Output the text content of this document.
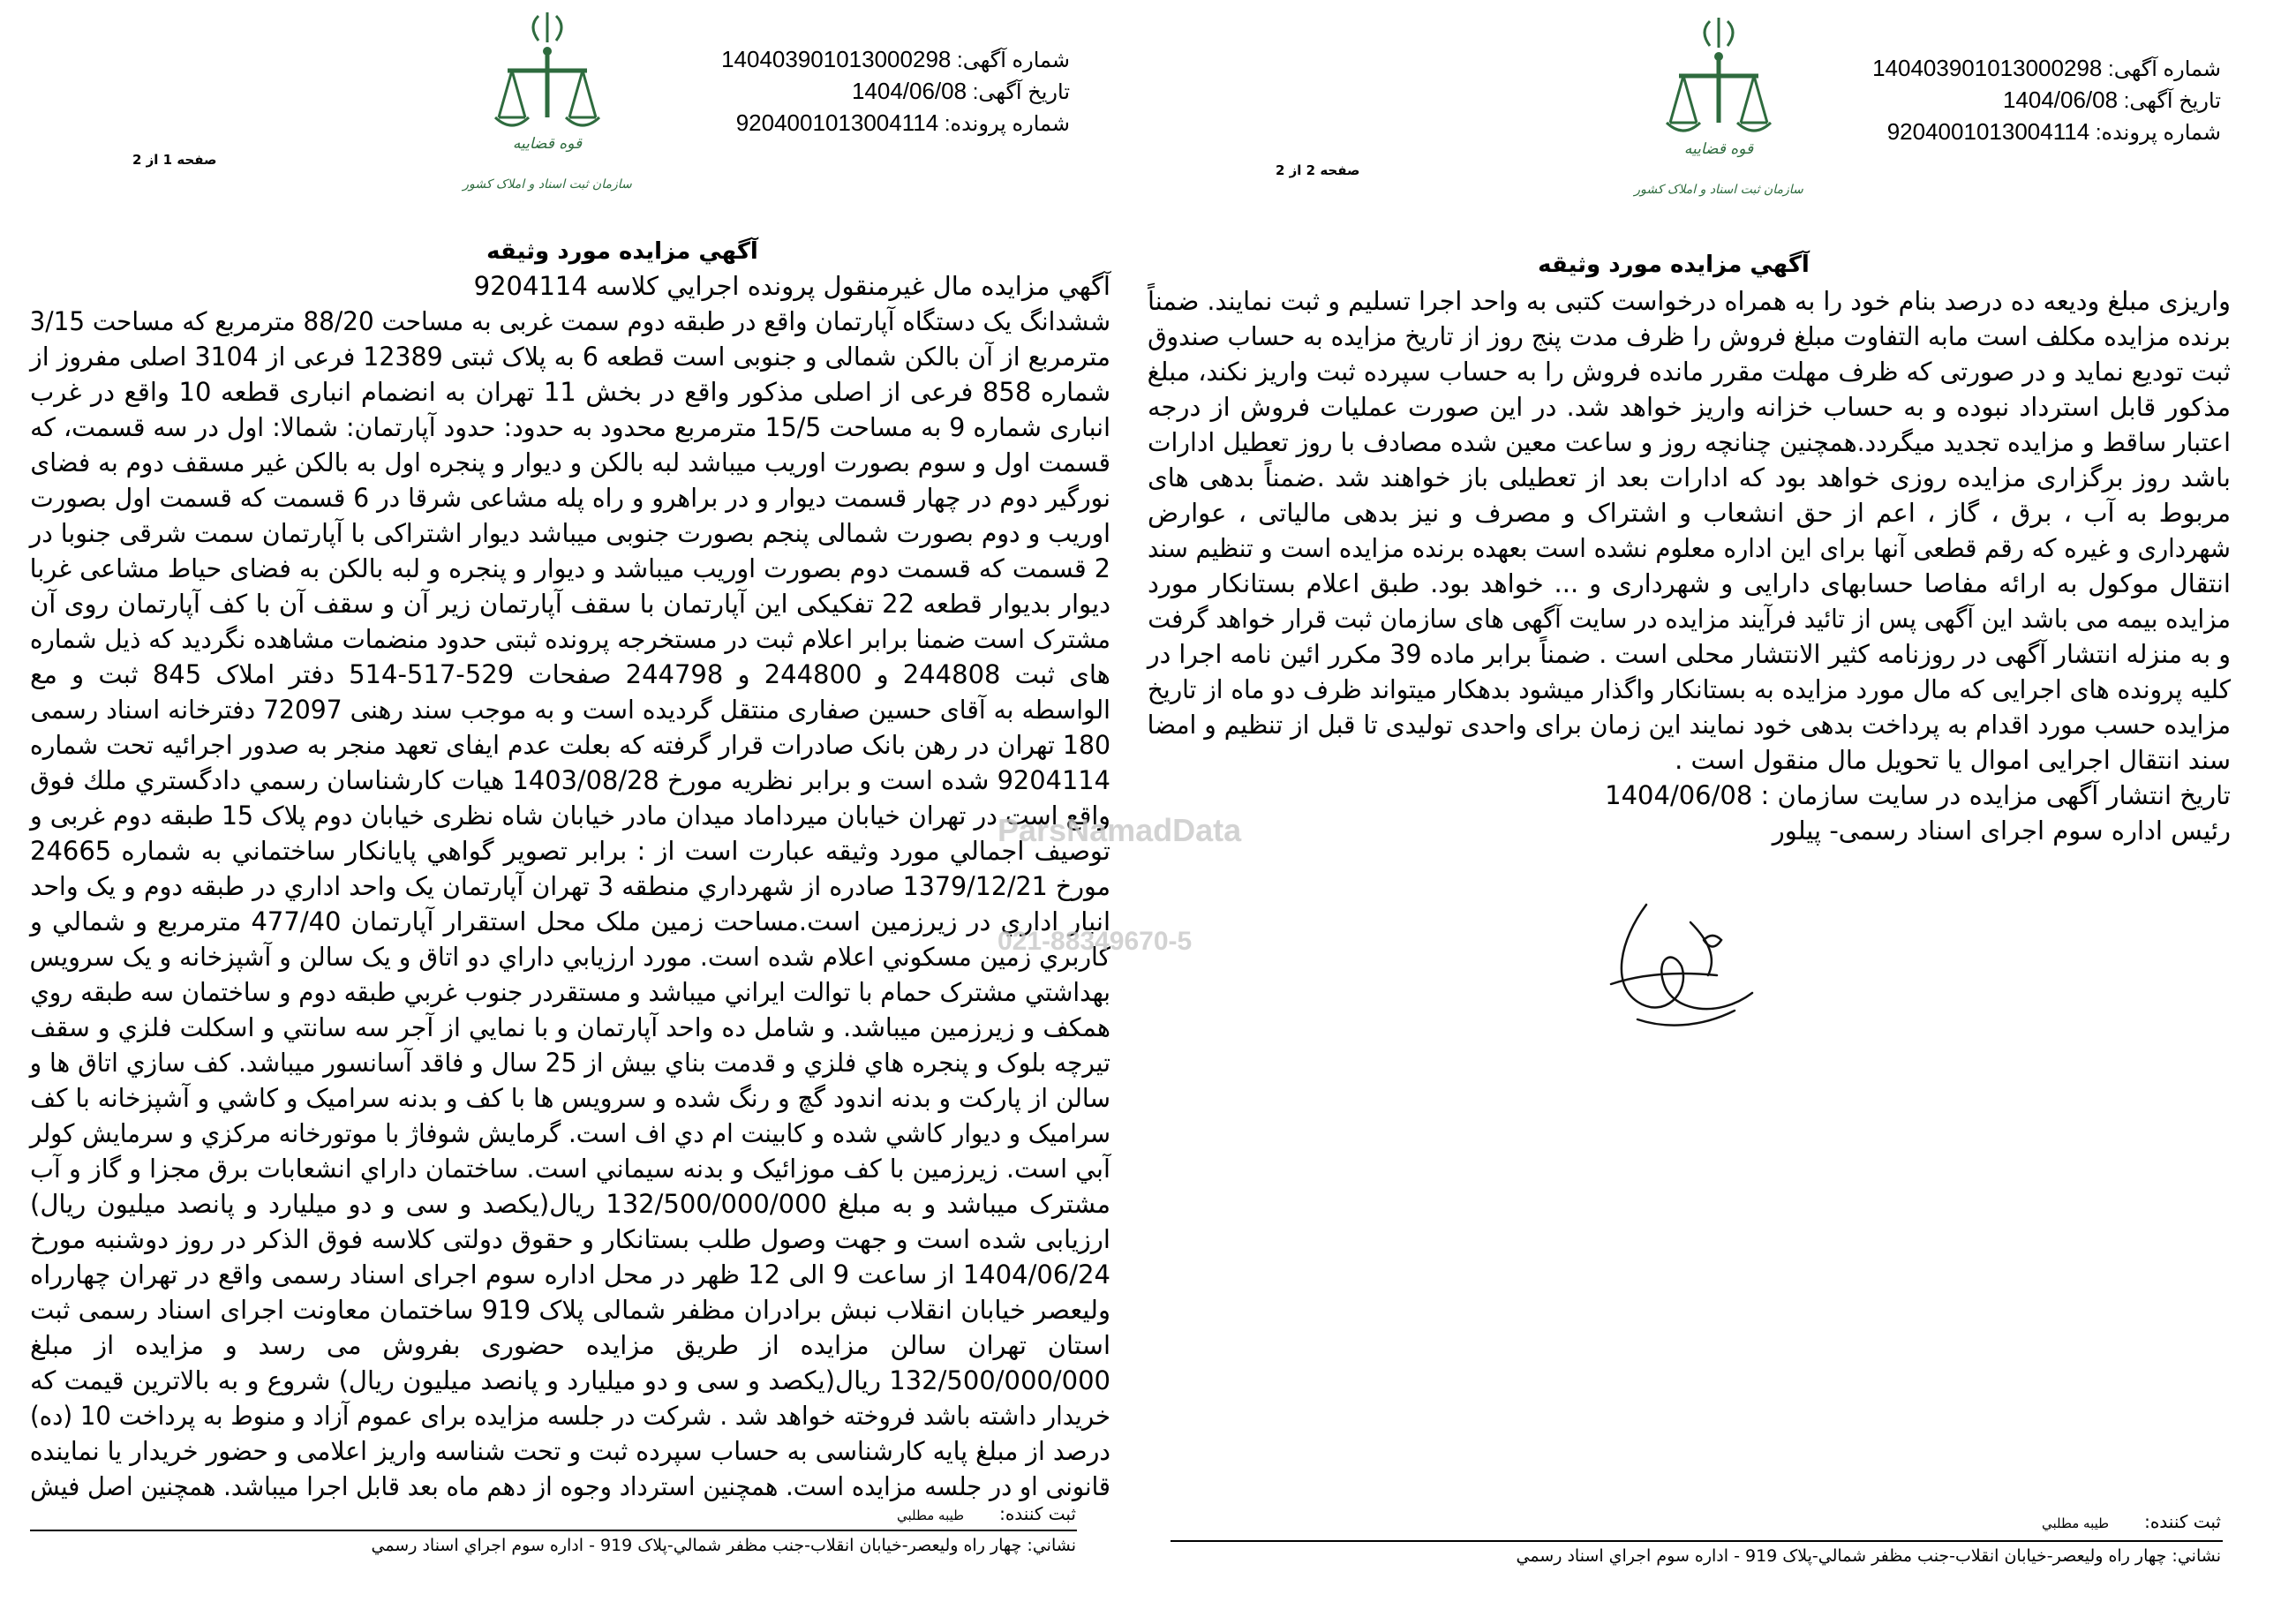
صفحه 1 از 2
قوه قضاییه
سازمان ثبت اسناد و املاک کشور
شماره آگهی: 140403901013000298
تاریخ آگهی: 1404/06/08
شماره پرونده: 9204001013004114
آگهي مزايده مورد وثيقه
آگهي مزايده مال غيرمنقول پرونده اجرايي کلاسه 9204114
ششدانگ یک دستگاه آپارتمان واقع در طبقه دوم سمت غربی به مساحت 88/20 مترمربع که مساحت 3/15
مترمربع از آن بالکن شمالی و جنوبی است قطعه 6 به پلاک ثبتی 12389 فرعی از 3104 اصلی مفروز از
شماره 858 فرعی از اصلی مذکور واقع در بخش 11 تهران به انضمام انباری قطعه 10 واقع در غرب
انباری شماره 9 به مساحت 15/5 مترمربع محدود به حدود: حدود آپارتمان: شمالا: اول در سه قسمت، که
قسمت اول و سوم بصورت اوریب میباشد لبه بالکن و دیوار و پنجره اول به بالکن غیر مسقف دوم به فضای
نورگیر دوم در چهار قسمت دیوار و در براهرو و راه پله مشاعی شرقا در 6 قسمت که قسمت اول بصورت
اوریب و دوم بصورت شمالی پنجم بصورت جنوبی میباشد دیوار اشتراکی با آپارتمان سمت شرقی جنوبا در
2 قسمت که قسمت دوم بصورت اوریب میباشد و دیوار و پنجره و لبه بالکن به فضای حیاط مشاعی غربا
دیوار بدیوار قطعه 22 تفکیکی این آپارتمان با سقف آپارتمان زیر آن و سقف آن با کف آپارتمان روی آن
مشترک است ضمنا برابر اعلام ثبت در مستخرجه پرونده ثبتی حدود منضمات مشاهده نگردید که ذیل شماره
های ثبت 244808 و 244800 و 244798 صفحات 529-517-514 دفتر املاک 845 ثبت و مع
الواسطه به آقای حسین صفاری منتقل گردیده است و به موجب سند رهنی 72097 دفترخانه اسناد رسمی
180 تهران در رهن بانک صادرات قرار گرفته که بعلت عدم ایفای تعهد منجر به صدور اجرائیه تحت شماره
9204114 شده است و برابر نظریه مورخ 1403/08/28 هيات کارشناسان رسمي دادگستري ملك فوق
واقع است در تهران خیابان میرداماد میدان مادر خیابان شاه نظری خیابان دوم پلاک 15 طبقه دوم غربی و
توصيف اجمالي مورد وثيقه عبارت است از : برابر تصوير گواهي پايانکار ساختماني به شماره 24665
مورخ 1379/12/21 صادره از شهرداري منطقه 3 تهران آپارتمان يک واحد اداري در طبقه دوم و يک واحد
انبار اداري در زيرزمين است.مساحت زمين ملک محل استقرار آپارتمان 477/40 مترمربع و شمالي و
کاربري زمين مسکوني اعلام شده است. مورد ارزيابي داراي دو اتاق و يک سالن و آشپزخانه و يک سرويس
بهداشتي مشترک حمام با توالت ايراني ميباشد و مستقردر جنوب غربي طبقه دوم و ساختمان سه طبقه روي
همکف و زيرزمين ميباشد. و شامل ده واحد آپارتمان و با نمايي از آجر سه سانتي و اسکلت فلزي و سقف
تيرچه بلوک و پنجره هاي فلزي و قدمت بناي بيش از 25 سال و فاقد آسانسور ميباشد. کف سازي اتاق ها و
سالن از پارکت و بدنه اندود گچ و رنگ شده و سرويس ها با کف و بدنه سراميک و کاشي و آشپزخانه با کف
سراميک و ديوار کاشي شده و کابينت ام دي اف است. گرمايش شوفاژ با موتورخانه مرکزي و سرمايش کولر
آبي است. زيرزمين با کف موزائيک و بدنه سيماني است. ساختمان داراي انشعابات برق مجزا و گاز و آب
مشترک ميباشد و به مبلغ 132/500/000/000 ريال(يکصد و سی و دو ميليارد و پانصد ميليون ريال)
ارزيابی شده است و جهت وصول طلب بستانکار و حقوق دولتی کلاسه فوق الذکر در روز دوشنبه مورخ
1404/06/24 از ساعت 9 الی 12 ظهر در محل اداره سوم اجرای اسناد رسمی واقع در تهران چهارراه
ولیعصر خیابان انقلاب نبش برادران مظفر شمالی پلاک 919 ساختمان معاونت اجرای اسناد رسمی ثبت
استان تهران سالن مزایده از طریق مزایده حضوری بفروش می رسد و مزایده از مبلغ
132/500/000/000 ریال(یکصد و سی و دو میلیارد و پانصد میلیون ریال) شروع و به بالاترین قیمت که
خریدار داشته باشد فروخته خواهد شد . شرکت در جلسه مزایده برای عموم آزاد و منوط به پرداخت 10 (ده)
درصد از مبلغ پایه کارشناسی به حساب سپرده ثبت و تحت شناسه واریز اعلامی و حضور خریدار یا نماینده
قانونی او در جلسه مزایده است. همچنین استرداد وجوه از دهم ماه بعد قابل اجرا میباشد. همچنین اصل فیش
ثبت کننده:طيبه مطلبي
نشاني: چهار راه وليعصر-خيابان انقلاب-جنب مظفر شمالي-پلاک 919 - اداره سوم اجراي اسناد رسمي
صفحه 2 از 2
قوه قضاییه
سازمان ثبت اسناد و املاک کشور
شماره آگهی: 140403901013000298
تاریخ آگهی: 1404/06/08
شماره پرونده: 9204001013004114
آگهي مزايده مورد وثيقه
واریزی مبلغ ودیعه ده درصد بنام خود را به همراه درخواست کتبی به واحد اجرا تسلیم و ثبت نمایند. ضمناً
برنده مزایده مکلف است مابه التفاوت مبلغ فروش را ظرف مدت پنج روز از تاریخ مزایده به حساب صندوق
ثبت تودیع نماید و در صورتی که ظرف مهلت مقرر مانده فروش را به حساب سپرده ثبت واریز نکند، مبلغ
مذکور قابل استرداد نبوده و به حساب خزانه واریز خواهد شد. در این صورت عملیات فروش از درجه
اعتبار ساقط و مزایده تجدید میگردد.همچنین چنانچه روز و ساعت معین شده مصادف با روز تعطیل ادارات
باشد روز برگزاری مزایده روزی خواهد بود که ادارات بعد از تعطیلی باز خواهند شد .ضمناً بدهی های
مربوط به آب ، برق ، گاز ، اعم از حق انشعاب و اشتراک و مصرف و نیز بدهی مالیاتی ، عوارض
شهرداری و غیره که رقم قطعی آنها برای این اداره معلوم نشده است بعهده برنده مزایده است و تنظیم سند
انتقال موکول به ارائه مفاصا حسابهای دارایی و شهرداری و ... خواهد بود. طبق اعلام بستانکار مورد
مزایده بیمه می باشد این آگهی پس از تائید فرآیند مزایده در سایت آگهی های سازمان ثبت قرار خواهد گرفت
و به منزله انتشار آگهی در روزنامه کثیر الانتشار محلی است . ضمناً برابر ماده 39 مکرر ائین نامه اجرا در
کلیه پرونده های اجرایی که مال مورد مزایده به بستانکار واگذار میشود بدهکار میتواند ظرف دو ماه از تاریخ
مزایده حسب مورد اقدام به پرداخت بدهی خود نمایند این زمان برای واحدی تولیدی تا قبل از تنظیم و امضا
سند انتقال اجرایی اموال یا تحویل مال منقول است .
تاریخ انتشار آگهی مزایده در سایت سازمان : 1404/06/08
رئیس اداره سوم اجرای اسناد رسمی- پیلور
ParsNamadData
021-88349670-5
ثبت کننده:طيبه مطلبي
نشاني: چهار راه وليعصر-خيابان انقلاب-جنب مظفر شمالي-پلاک 919 - اداره سوم اجراي اسناد رسمي
